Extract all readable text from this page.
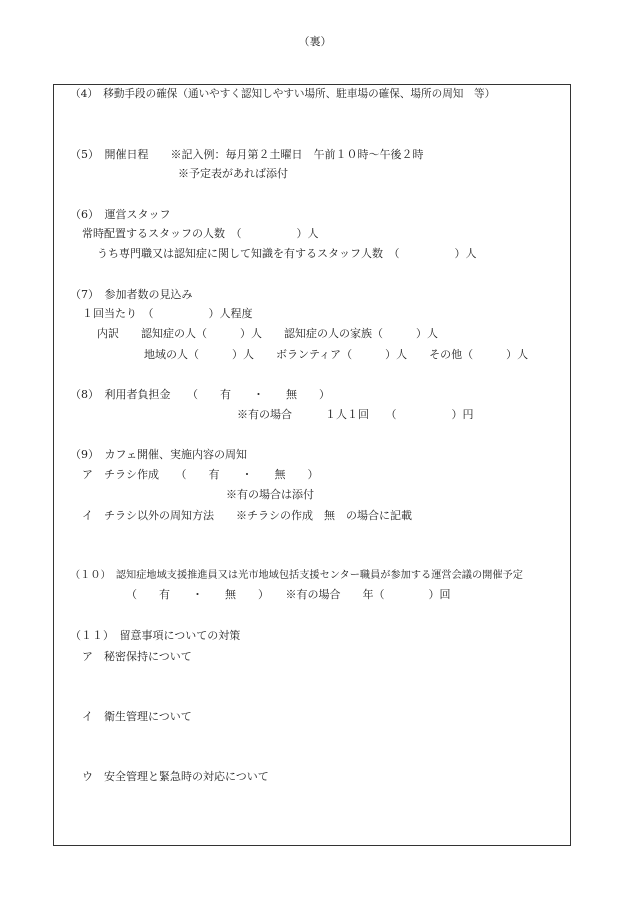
（裏）
（4）　移動手段の確保（通いやすく認知しやすい場所、駐車場の確保、場所の周知　等）
（5）　開催日程　　※記入例：毎月第２土曜日　午前１０時～午後２時
※予定表があれば添付
（6）　運営スタッフ
常時配置するスタッフの人数　（　　　　　）人
うち専門職又は認知症に関して知識を有するスタッフ人数　（　　　　　）人
（7）　参加者数の見込み
１回当たり　（　　　　　）人程度
内訳　　認知症の人（　　　）人　　認知症の人の家族（　　　）人
地域の人（　　　）人　　ボランティア（　　　）人　　その他（　　　）人
（8）　利用者負担金　　（　　有　　・　　無　　）
※有の場合　　　１人１回　　（　　　　　）円
（9）　カフェ開催、実施内容の周知
ア　チラシ作成　　（　　有　　・　　無　　）
※有の場合は添付
イ　チラシ以外の周知方法　　※チラシの作成　無　の場合に記載
（１０）　認知症地域支援推進員又は光市地域包括支援センター職員が参加する運営会議の開催予定
（　　有　　・　　無　　）　　※有の場合　　年（　　　　）回
（１１）　留意事項についての対策
ア　秘密保持について
イ　衛生管理について
ウ　安全管理と緊急時の対応について
